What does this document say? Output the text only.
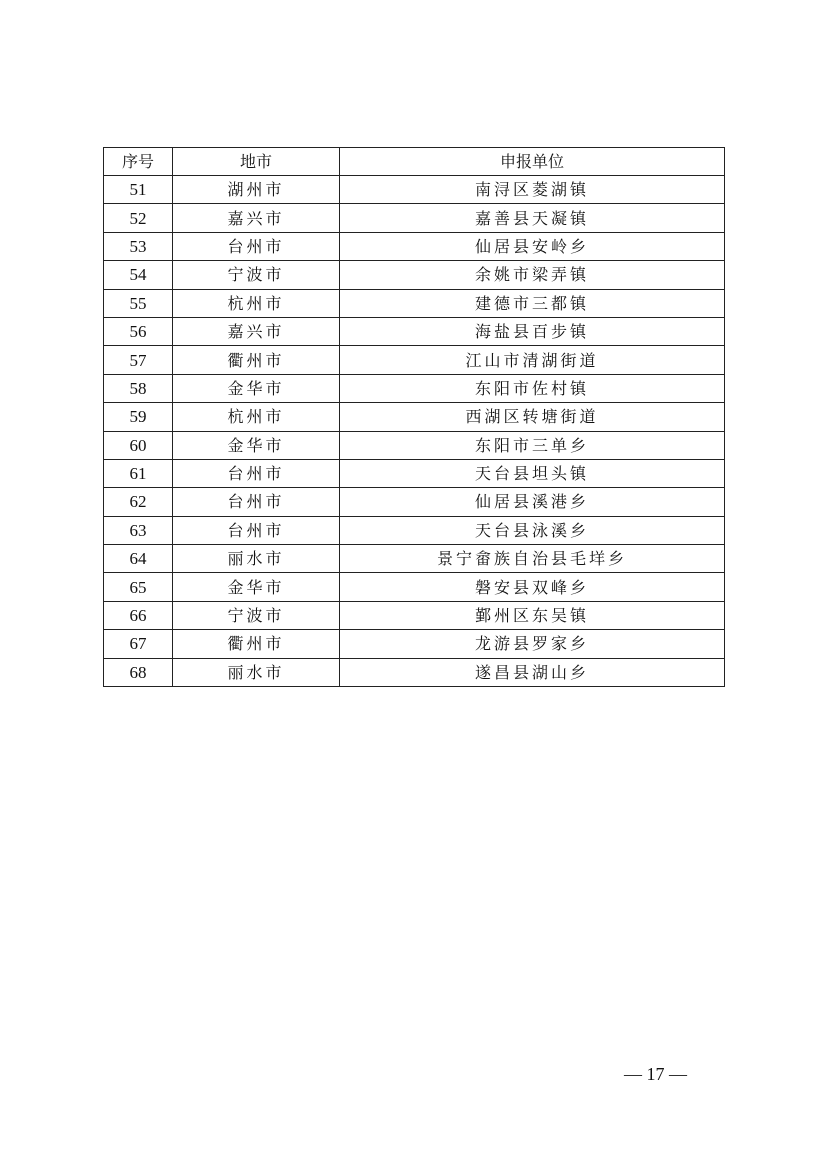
序号	地市	申报单位
51	湖州市	南浔区菱湖镇
52	嘉兴市	嘉善县天凝镇
53	台州市	仙居县安岭乡
54	宁波市	余姚市梁弄镇
55	杭州市	建德市三都镇
56	嘉兴市	海盐县百步镇
57	衢州市	江山市清湖街道
58	金华市	东阳市佐村镇
59	杭州市	西湖区转塘街道
60	金华市	东阳市三单乡
61	台州市	天台县坦头镇
62	台州市	仙居县溪港乡
63	台州市	天台县泳溪乡
64	丽水市	景宁畲族自治县毛垟乡
65	金华市	磐安县双峰乡
66	宁波市	鄞州区东吴镇
67	衢州市	龙游县罗家乡
68	丽水市	遂昌县湖山乡
— 17 —
